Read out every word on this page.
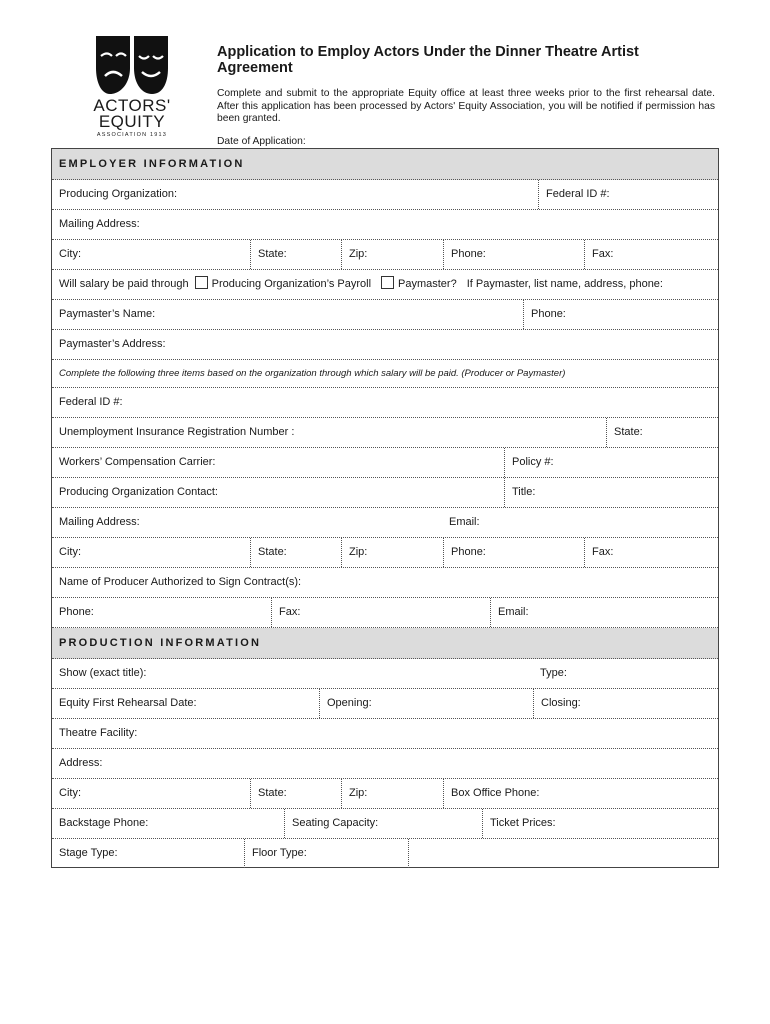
ACTORS'
EQUITY
ASSOCIATION 1913

Application to Employ Actors Under the Dinner Theatre Artist Agreement

Complete and submit to the appropriate Equity office at least three weeks prior to the first rehearsal date. After this application has been processed by Actors' Equity Association, you will be notified if permission has been granted.

Date of Application:
EMPLOYER INFORMATION
Producing Organization:	Federal ID #:
Mailing Address:
City:	State:	Zip:	Phone:	Fax:
Will salary be paid through Producing Organization’s Payroll Paymaster? If Paymaster, list name, address, phone:
Paymaster’s Name:	Phone:
Paymaster’s Address:
Complete the following three items based on the organization through which salary will be paid. (Producer or Paymaster)
Federal ID #:
Unemployment Insurance Registration Number :	State:
Workers’ Compensation Carrier:	Policy #:
Producing Organization Contact:	Title:
Mailing Address:	Email:
City:	State:	Zip:	Phone:	Fax:
Name of Producer Authorized to Sign Contract(s):
Phone:	Fax:	Email:
PRODUCTION INFORMATION
Show (exact title):	Type:
Equity First Rehearsal Date:	Opening:	Closing:
Theatre Facility:
Address:
City:	State:	Zip:	Box Office Phone:
Backstage Phone:	Seating Capacity:	Ticket Prices:
Stage Type:	Floor Type:
